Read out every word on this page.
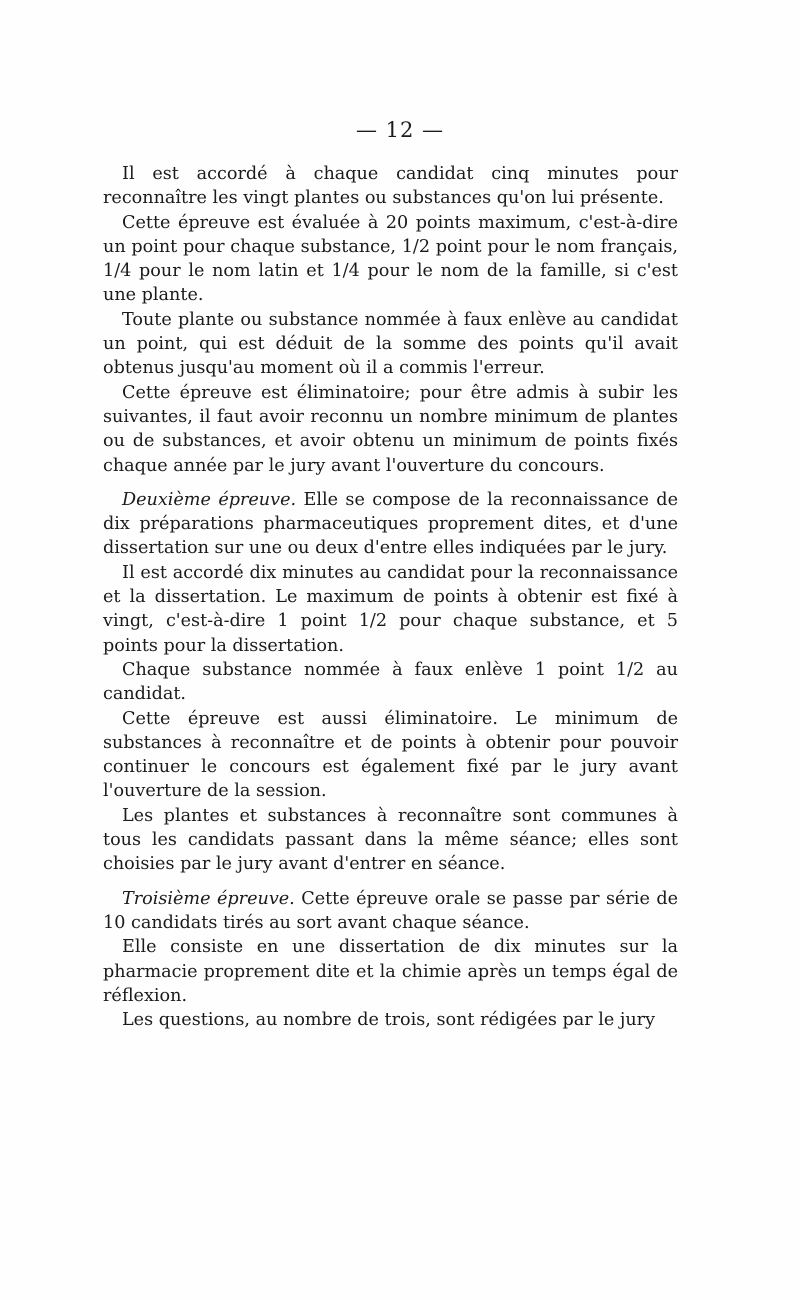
— 12 —

Il est accordé à chaque candidat cinq minutes pour reconnaître les vingt plantes ou substances qu'on lui présente.

Cette épreuve est évaluée à 20 points maximum, c'est-à-dire un point pour chaque substance, 1/2 point pour le nom français, 1/4 pour le nom latin et 1/4 pour le nom de la famille, si c'est une plante.

Toute plante ou substance nommée à faux enlève au candidat un point, qui est déduit de la somme des points qu'il avait obtenus jusqu'au moment où il a commis l'erreur.

Cette épreuve est éliminatoire; pour être admis à subir les suivantes, il faut avoir reconnu un nombre minimum de plantes ou de substances, et avoir obtenu un minimum de points fixés chaque année par le jury avant l'ouverture du concours.

Deuxième épreuve. Elle se compose de la reconnaissance de dix préparations pharmaceutiques proprement dites, et d'une dissertation sur une ou deux d'entre elles indiquées par le jury.

Il est accordé dix minutes au candidat pour la reconnaissance et la dissertation. Le maximum de points à obtenir est fixé à vingt, c'est-à-dire 1 point 1/2 pour chaque substance, et 5 points pour la dissertation.

Chaque substance nommée à faux enlève 1 point 1/2 au candidat.

Cette épreuve est aussi éliminatoire. Le minimum de substances à reconnaître et de points à obtenir pour pouvoir continuer le concours est également fixé par le jury avant l'ouverture de la session.

Les plantes et substances à reconnaître sont communes à tous les candidats passant dans la même séance; elles sont choisies par le jury avant d'entrer en séance.

Troisième épreuve. Cette épreuve orale se passe par série de 10 candidats tirés au sort avant chaque séance.

Elle consiste en une dissertation de dix minutes sur la pharmacie proprement dite et la chimie après un temps égal de réflexion.

Les questions, au nombre de trois, sont rédigées par le jury
